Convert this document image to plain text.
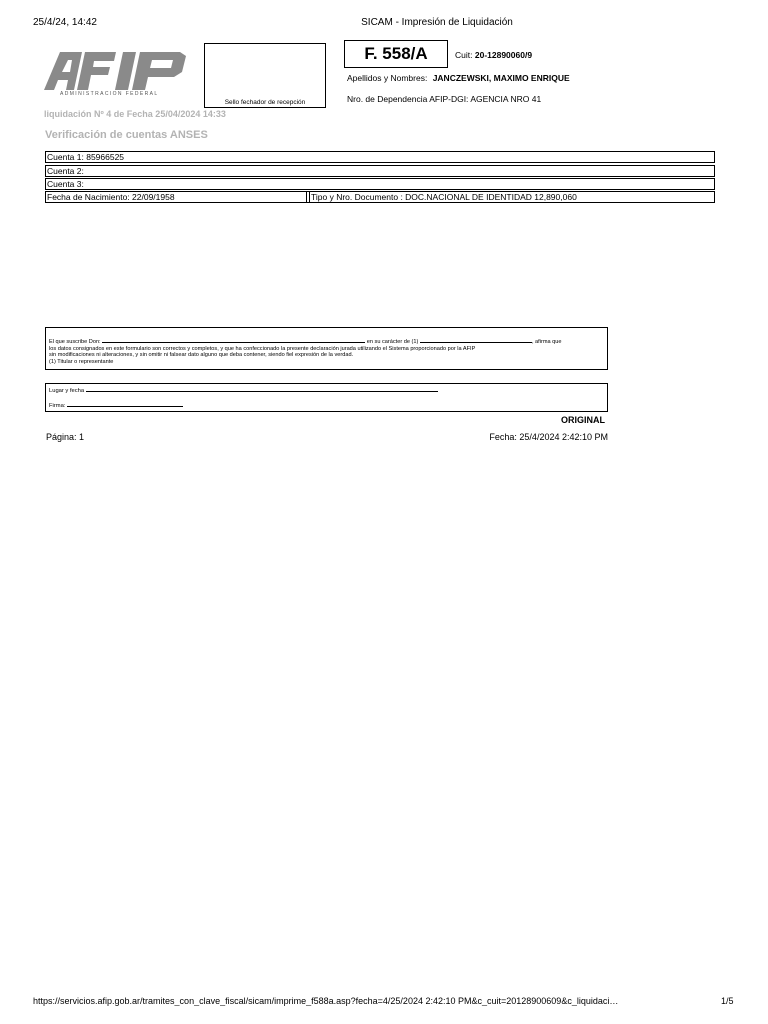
25/4/24, 14:42	SICAM - Impresión de Liquidación
ADMINISTRACION FEDERAL
Sello fechador de recepción
F. 558/A	Cuit: 20-12890060/9
Apellidos y Nombres: JANCZEWSKI, MAXIMO ENRIQUE
Nro. de Dependencia AFIP-DGI: AGENCIA NRO 41
liquidación Nº 4 de Fecha 25/04/2024 14:33
Verificación de cuentas ANSES
Cuenta 1: 85966525
Cuenta 2:
Cuenta 3:
Fecha de Nacimiento: 22/09/1958	Tipo y Nro. Documento : DOC.NACIONAL DE IDENTIDAD 12,890,060
El que suscribe Don:	en su carácter de (1)	, afirma que
los datos consignados en este formulario son correctos y completos, y que ha confeccionado la presente declaración jurada utilizando el Sistema proporcionado por la AFIP
sin modificaciones ni alteraciones, y sin omitir ni falsear dato alguno que deba contener, siendo fiel expresión de la verdad.
(1) Titular o representante
Lugar y fecha
Firma:
ORIGINAL
Página: 1	Fecha: 25/4/2024 2:42:10 PM
https://servicios.afip.gob.ar/tramites_con_clave_fiscal/sicam/imprime_f588a.asp?fecha=4/25/2024 2:42:10 PM&c_cuit=20128900609&c_liquidaci…	1/5
